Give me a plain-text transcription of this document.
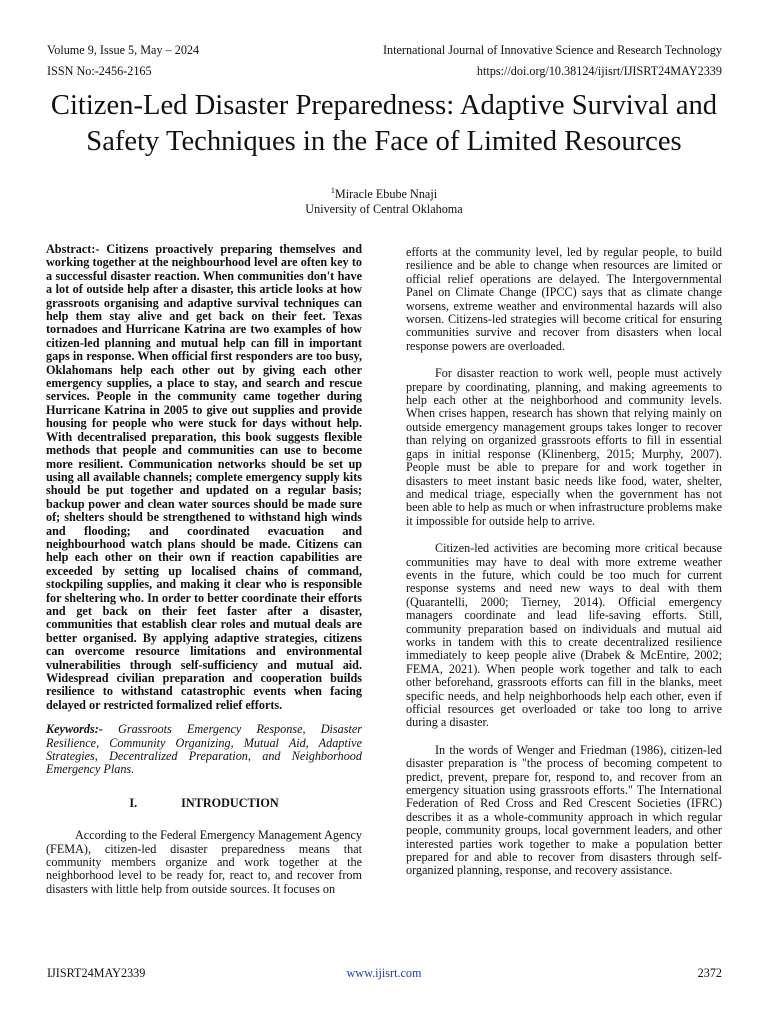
Volume 9, Issue 5, May – 2024	International Journal of Innovative Science and Research Technology
ISSN No:-2456-2165	https://doi.org/10.38124/ijisrt/IJISRT24MAY2339
Citizen-Led Disaster Preparedness: Adaptive Survival and Safety Techniques in the Face of Limited Resources
$^1$Miracle Ebube Nnaji
University of Central Oklahoma

Abstract:- Citizens proactively preparing themselves and working together at the neighbourhood level are often key to a successful disaster reaction. When communities don't have a lot of outside help after a disaster, this article looks at how grassroots organising and adaptive survival techniques can help them stay alive and get back on their feet. Texas tornadoes and Hurricane Katrina are two examples of how citizen-led planning and mutual help can fill in important gaps in response. When official first responders are too busy, Oklahomans help each other out by giving each other emergency supplies, a place to stay, and search and rescue services. People in the community came together during Hurricane Katrina in 2005 to give out supplies and provide housing for people who were stuck for days without help. With decentralised preparation, this book suggests flexible methods that people and communities can use to become more resilient. Communication networks should be set up using all available channels; complete emergency supply kits should be put together and updated on a regular basis; backup power and clean water sources should be made sure of; shelters should be strengthened to withstand high winds and flooding; and coordinated evacuation and neighbourhood watch plans should be made. Citizens can help each other on their own if reaction capabilities are exceeded by setting up localised chains of command, stockpiling supplies, and making it clear who is responsible for sheltering who. In order to better coordinate their efforts and get back on their feet faster after a disaster, communities that establish clear roles and mutual deals are better organised. By applying adaptive strategies, citizens can overcome resource limitations and environmental vulnerabilities through self-sufficiency and mutual aid. Widespread civilian preparation and cooperation builds resilience to withstand catastrophic events when facing delayed or restricted formalized relief efforts.

Keywords:- Grassroots Emergency Response, Disaster Resilience, Community Organizing, Mutual Aid, Adaptive Strategies, Decentralized Preparation, and Neighborhood Emergency Plans.

I.	INTRODUCTION

According to the Federal Emergency Management Agency (FEMA), citizen-led disaster preparedness means that community members organize and work together at the neighborhood level to be ready for, react to, and recover from disasters with little help from outside sources. It focuses on

efforts at the community level, led by regular people, to build resilience and be able to change when resources are limited or official relief operations are delayed. The Intergovernmental Panel on Climate Change (IPCC) says that as climate change worsens, extreme weather and environmental hazards will also worsen. Citizens-led strategies will become critical for ensuring communities survive and recover from disasters when local response powers are overloaded.

For disaster reaction to work well, people must actively prepare by coordinating, planning, and making agreements to help each other at the neighborhood and community levels. When crises happen, research has shown that relying mainly on outside emergency management groups takes longer to recover than relying on organized grassroots efforts to fill in essential gaps in initial response (Klinenberg, 2015; Murphy, 2007). People must be able to prepare for and work together in disasters to meet instant basic needs like food, water, shelter, and medical triage, especially when the government has not been able to help as much or when infrastructure problems make it impossible for outside help to arrive.

Citizen-led activities are becoming more critical because communities may have to deal with more extreme weather events in the future, which could be too much for current response systems and need new ways to deal with them (Quarantelli, 2000; Tierney, 2014). Official emergency managers coordinate and lead life-saving efforts. Still, community preparation based on individuals and mutual aid works in tandem with this to create decentralized resilience immediately to keep people alive (Drabek & McEntire, 2002; FEMA, 2021). When people work together and talk to each other beforehand, grassroots efforts can fill in the blanks, meet specific needs, and help neighborhoods help each other, even if official resources get overloaded or take too long to arrive during a disaster.

In the words of Wenger and Friedman (1986), citizen-led disaster preparation is "the process of becoming competent to predict, prevent, prepare for, respond to, and recover from an emergency situation using grassroots efforts." The International Federation of Red Cross and Red Crescent Societies (IFRC) describes it as a whole-community approach in which regular people, community groups, local government leaders, and other interested parties work together to make a population better prepared for and able to recover from disasters through self-organized planning, response, and recovery assistance.

IJISRT24MAY2339	www.ijisrt.com	2372
